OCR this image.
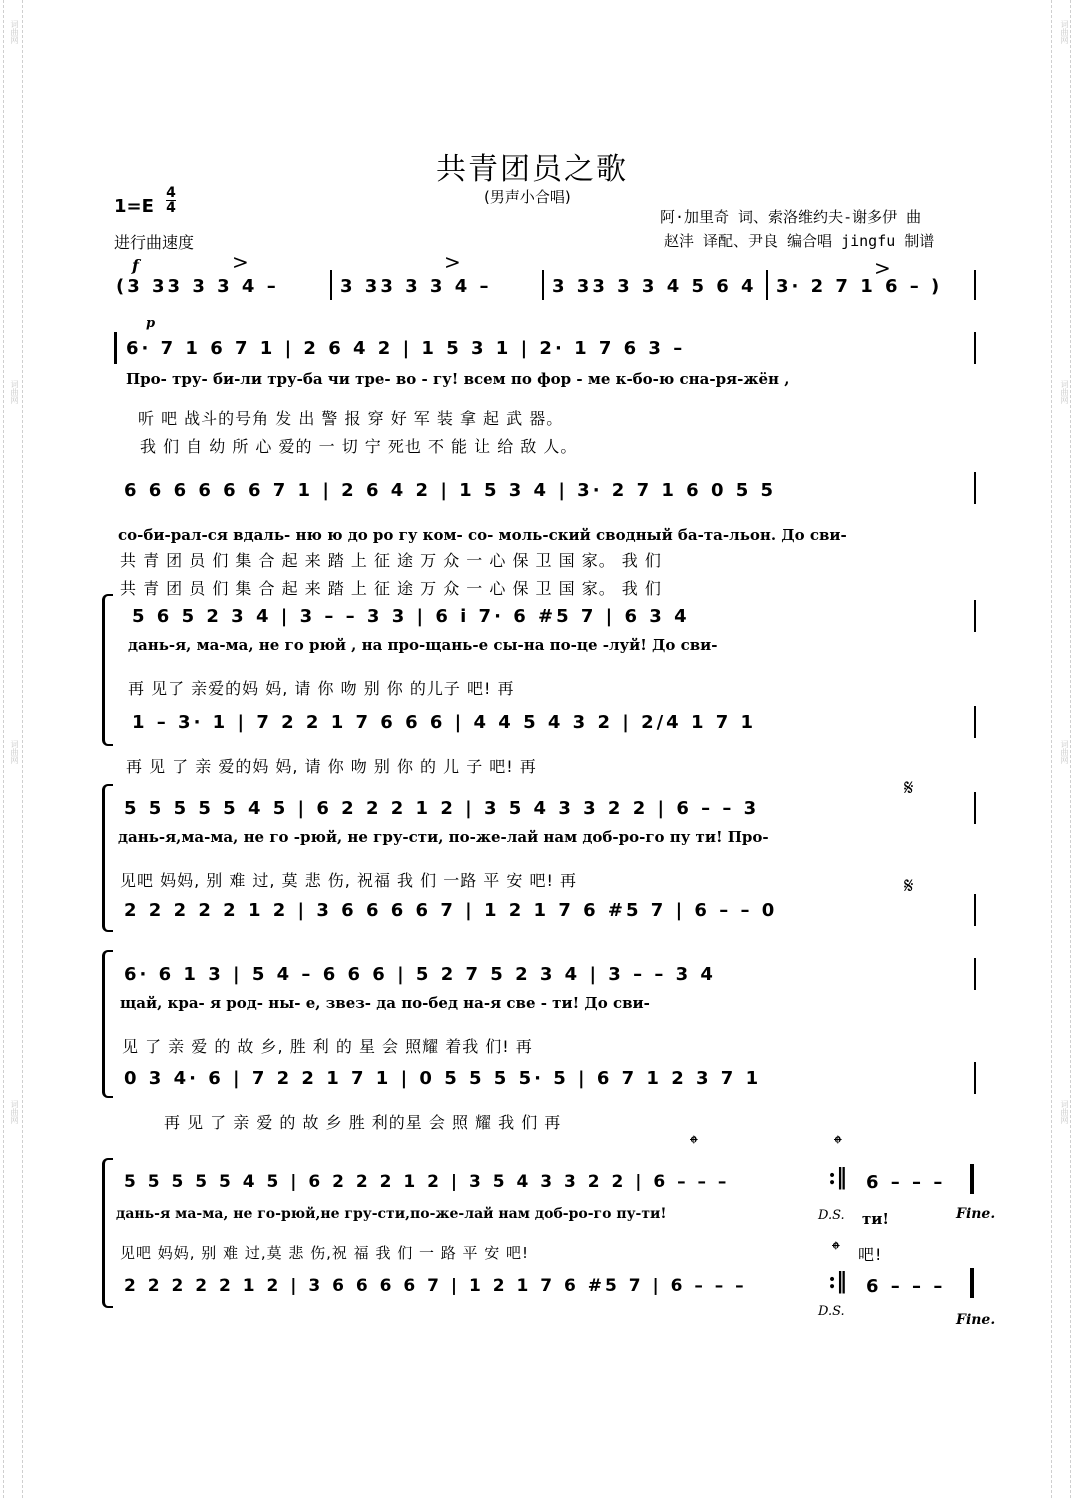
词曲网
词曲网
词曲网
词曲网
词曲网
词曲网
词曲网
词曲网
共青团员之歌
(男声小合唱)
1=E
4
4
进行曲速度
阿·加里奇 词、索洛维约夫-谢多伊 曲
赵沣 译配、尹良 编合唱 jingfu 制谱
f	>	>	>
(3 33 3 3 4 –	3 33 3 3 4 –	3 33 3 3 4 5 6 4 3· 2 7 1 6 – )
p
6· 7 1 6 7 1 | 2 6 4 2 | 1 5 3 1 | 2· 1 7 6 3 –
Про- тру- би-ли тру-ба чи тре- во - гу! всем по фор - ме к-бо-ю сна-ря-жён ,
听 吧 战斗的号角 发 出 警 报 穿 好 军 装 拿 起 武 器。
我 们 自 幼 所 心 爱的 一 切 宁 死也 不 能 让 给 敌 人。
6 6 6 6 6 6 7 1 | 2 6 4 2 | 1 5 3 4 | 3· 2 7 1 6 0 5 5
со-би-рал-ся вдаль- ню ю до ро гу ком- со- моль-ский сводный ба-та-льон. До сви-
共 青 团 员 们 集 合 起 来 踏 上 征 途 万 众 一 心 保 卫 国 家。 我 们
共 青 团 员 们 集 合 起 来 踏 上 征 途 万 众 一 心 保 卫 国 家。 我 们
5 6 5 2 3 4 | 3 – – 3 3 | 6 i 7· 6 #5 7 | 6 3 4
дань-я, ма-ма, не го рюй , на про-щань-е сы-на по-це -луй! До сви-
再 见了 亲爱的妈 妈, 请 你 吻 别 你 的儿子 吧! 再
1 – 3· 1 | 7 2 2 1 7 6 6 6 | 4 4 5 4 3 2 | 2/4 1 7 1
再 见 了 亲 爱的妈 妈, 请 你 吻 别 你 的 儿 子 吧! 再
𝄋
5 5 5 5 5 4 5 | 6 2 2 2 1 2 | 3 5 4 3 3 2 2 | 6 – – 3
дань-я,ма-ма, не го -рюй, не гру-сти, по-же-лай нам доб-ро-го пу ти! Про-
见吧 妈妈, 别 难 过, 莫 悲 伤, 祝福 我 们 一路 平 安 吧! 再	𝄋
2 2 2 2 2 1 2 | 3 6 6 6 6 7 | 1 2 1 7 6 #5 7 | 6 – – 0
6· 6 1 3 | 5 4 – 6 6 6 | 5 2 7 5 2 3 4 | 3 – – 3 4
щай, кра- я род- ны- е, звез- да по-бед на-я све - ти! До сви-
见 了 亲 爱 的 故 乡, 胜 利 的 星 会 照耀 着我 们! 再
0 3 4· 6 | 7 2 2 1 7 1 | 0 5 5 5 5· 5 | 6 7 1 2 3 7 1
再 见 了 亲 爱 的 故 乡 胜 利的星 会 照 耀 我 们 再
𝄌	𝄌
5 5 5 5 5 4 5 | 6 2 2 2 1 2 | 3 5 4 3 3 2 2 | 6 – – –	:‖ 6 – – –
дань-я ма-ма, не го-рюй,не гру-сти,по-же-лай нам доб-ро-го пу-ти!	D.S. ти!	Fine.
见吧 妈妈, 别 难 过,莫 悲 伤,祝 福 我 们 一 路 平 安 吧!	𝄌 吧!
2 2 2 2 2 1 2 | 3 6 6 6 6 7 | 1 2 1 7 6 #5 7 | 6 – – –	:‖ 6 – – –
D.S.
Fine.
